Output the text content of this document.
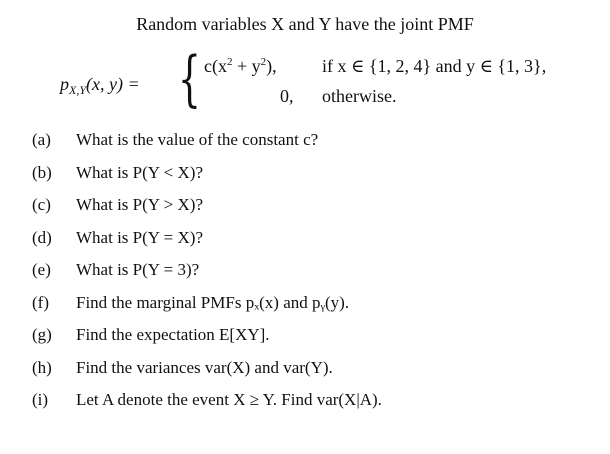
Random variables X and Y have the joint PMF
$p_{X,Y}(x$, y) = { $c(x^2 + y^2)$,	if x ∈ {1, 2, 4} and y ∈ {1, 3},
0, otherwise.
(a) What is the value of the constant c?
(b) What is P(Y < X)?
(c) What is P(Y > X)?
(d) What is P(Y = X)?
(e) What is P(Y = 3)?
(f) Find the marginal PMFs pₓ(x) and pᵧ(y).
(g) Find the expectation E[XY].
(h) Find the variances var(X) and var(Y).
(i) Let A denote the event X ≥ Y. Find var(X|A).
